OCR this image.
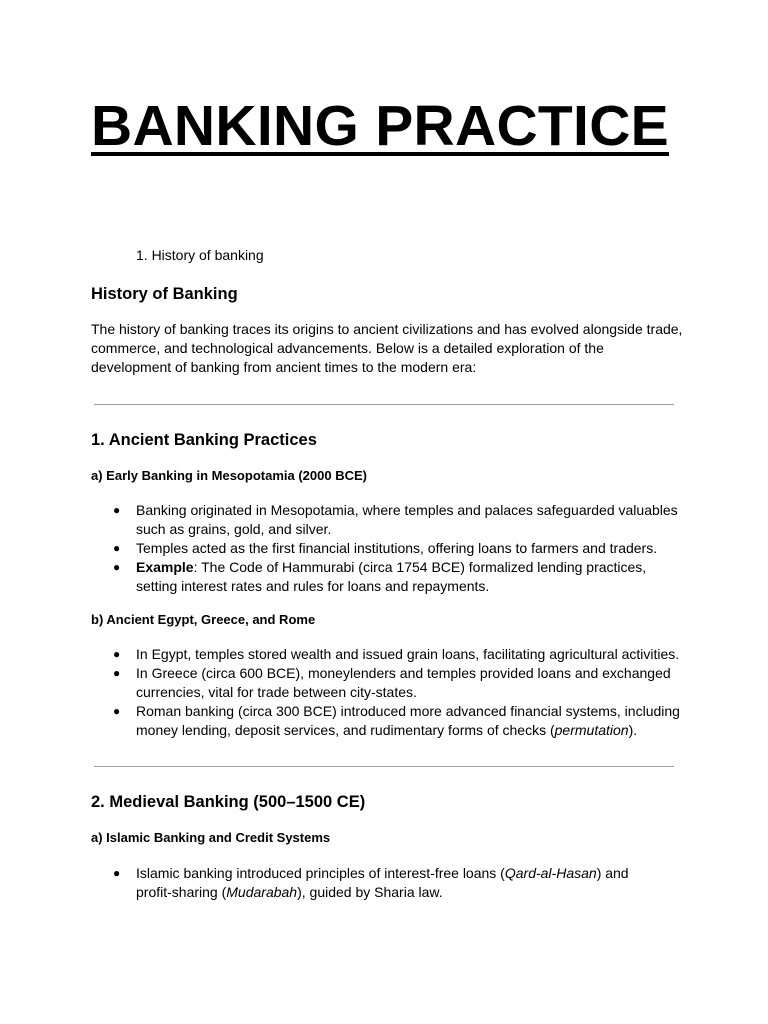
BANKING PRACTICE
1. History of banking
History of Banking
The history of banking traces its origins to ancient civilizations and has evolved alongside trade,
commerce, and technological advancements. Below is a detailed exploration of the
development of banking from ancient times to the modern era:
1. Ancient Banking Practices
a) Early Banking in Mesopotamia (2000 BCE)
● Banking originated in Mesopotamia, where temples and palaces safeguarded valuables
such as grains, gold, and silver.
● Temples acted as the first financial institutions, offering loans to farmers and traders.
● Example: The Code of Hammurabi (circa 1754 BCE) formalized lending practices,
setting interest rates and rules for loans and repayments.
b) Ancient Egypt, Greece, and Rome
● In Egypt, temples stored wealth and issued grain loans, facilitating agricultural activities.
● In Greece (circa 600 BCE), moneylenders and temples provided loans and exchanged
currencies, vital for trade between city-states.
● Roman banking (circa 300 BCE) introduced more advanced financial systems, including
money lending, deposit services, and rudimentary forms of checks (permutation).
2. Medieval Banking (500–1500 CE)
a) Islamic Banking and Credit Systems
● Islamic banking introduced principles of interest-free loans (Qard-al-Hasan) and
profit-sharing (Mudarabah), guided by Sharia law.
